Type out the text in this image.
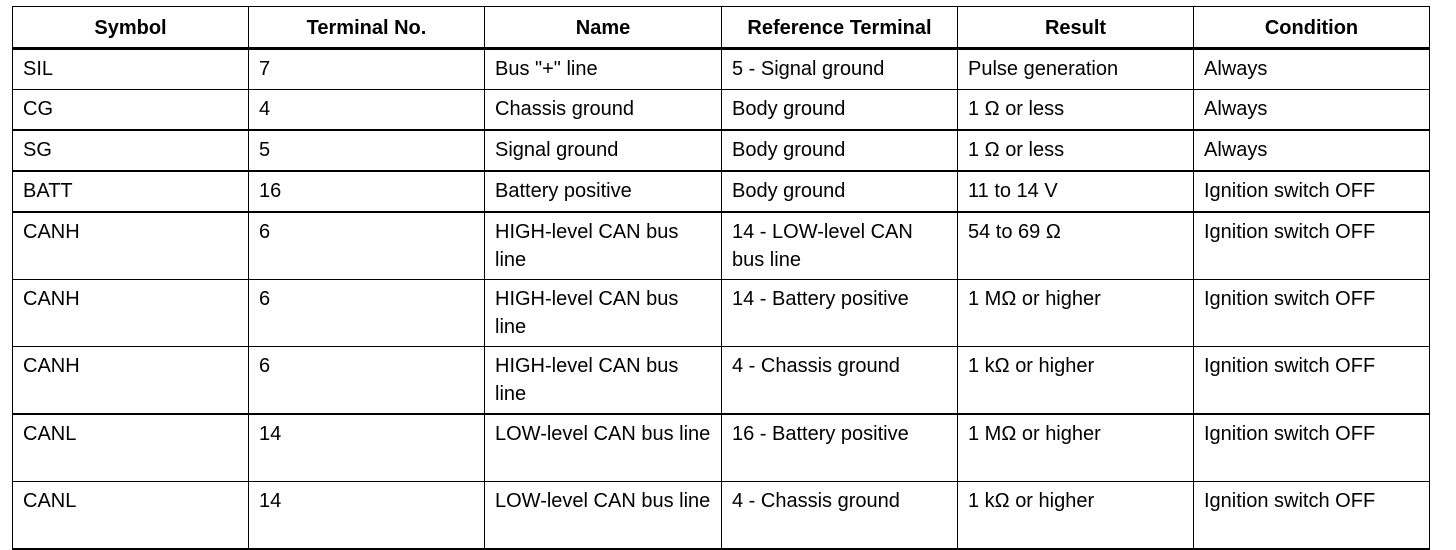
Symbol	Terminal No.	Name	Reference Terminal	Result	Condition
SIL	7	Bus "+" line	5 - Signal ground	Pulse generation	Always
CG	4	Chassis ground	Body ground	1 Ω or less	Always
SG	5	Signal ground	Body ground	1 Ω or less	Always
BATT	16	Battery positive	Body ground	11 to 14 V	Ignition switch OFF
CANH	6	HIGH-level CAN bus line	14 - LOW-level CAN bus line	54 to 69 Ω	Ignition switch OFF
CANH	6	HIGH-level CAN bus line	14 - Battery positive	1 MΩ or higher	Ignition switch OFF
CANH	6	HIGH-level CAN bus line	4 - Chassis ground	1 kΩ or higher	Ignition switch OFF
CANL	14	LOW-level CAN bus line	16 - Battery positive	1 MΩ or higher	Ignition switch OFF
CANL	14	LOW-level CAN bus line	4 - Chassis ground	1 kΩ or higher	Ignition switch OFF
